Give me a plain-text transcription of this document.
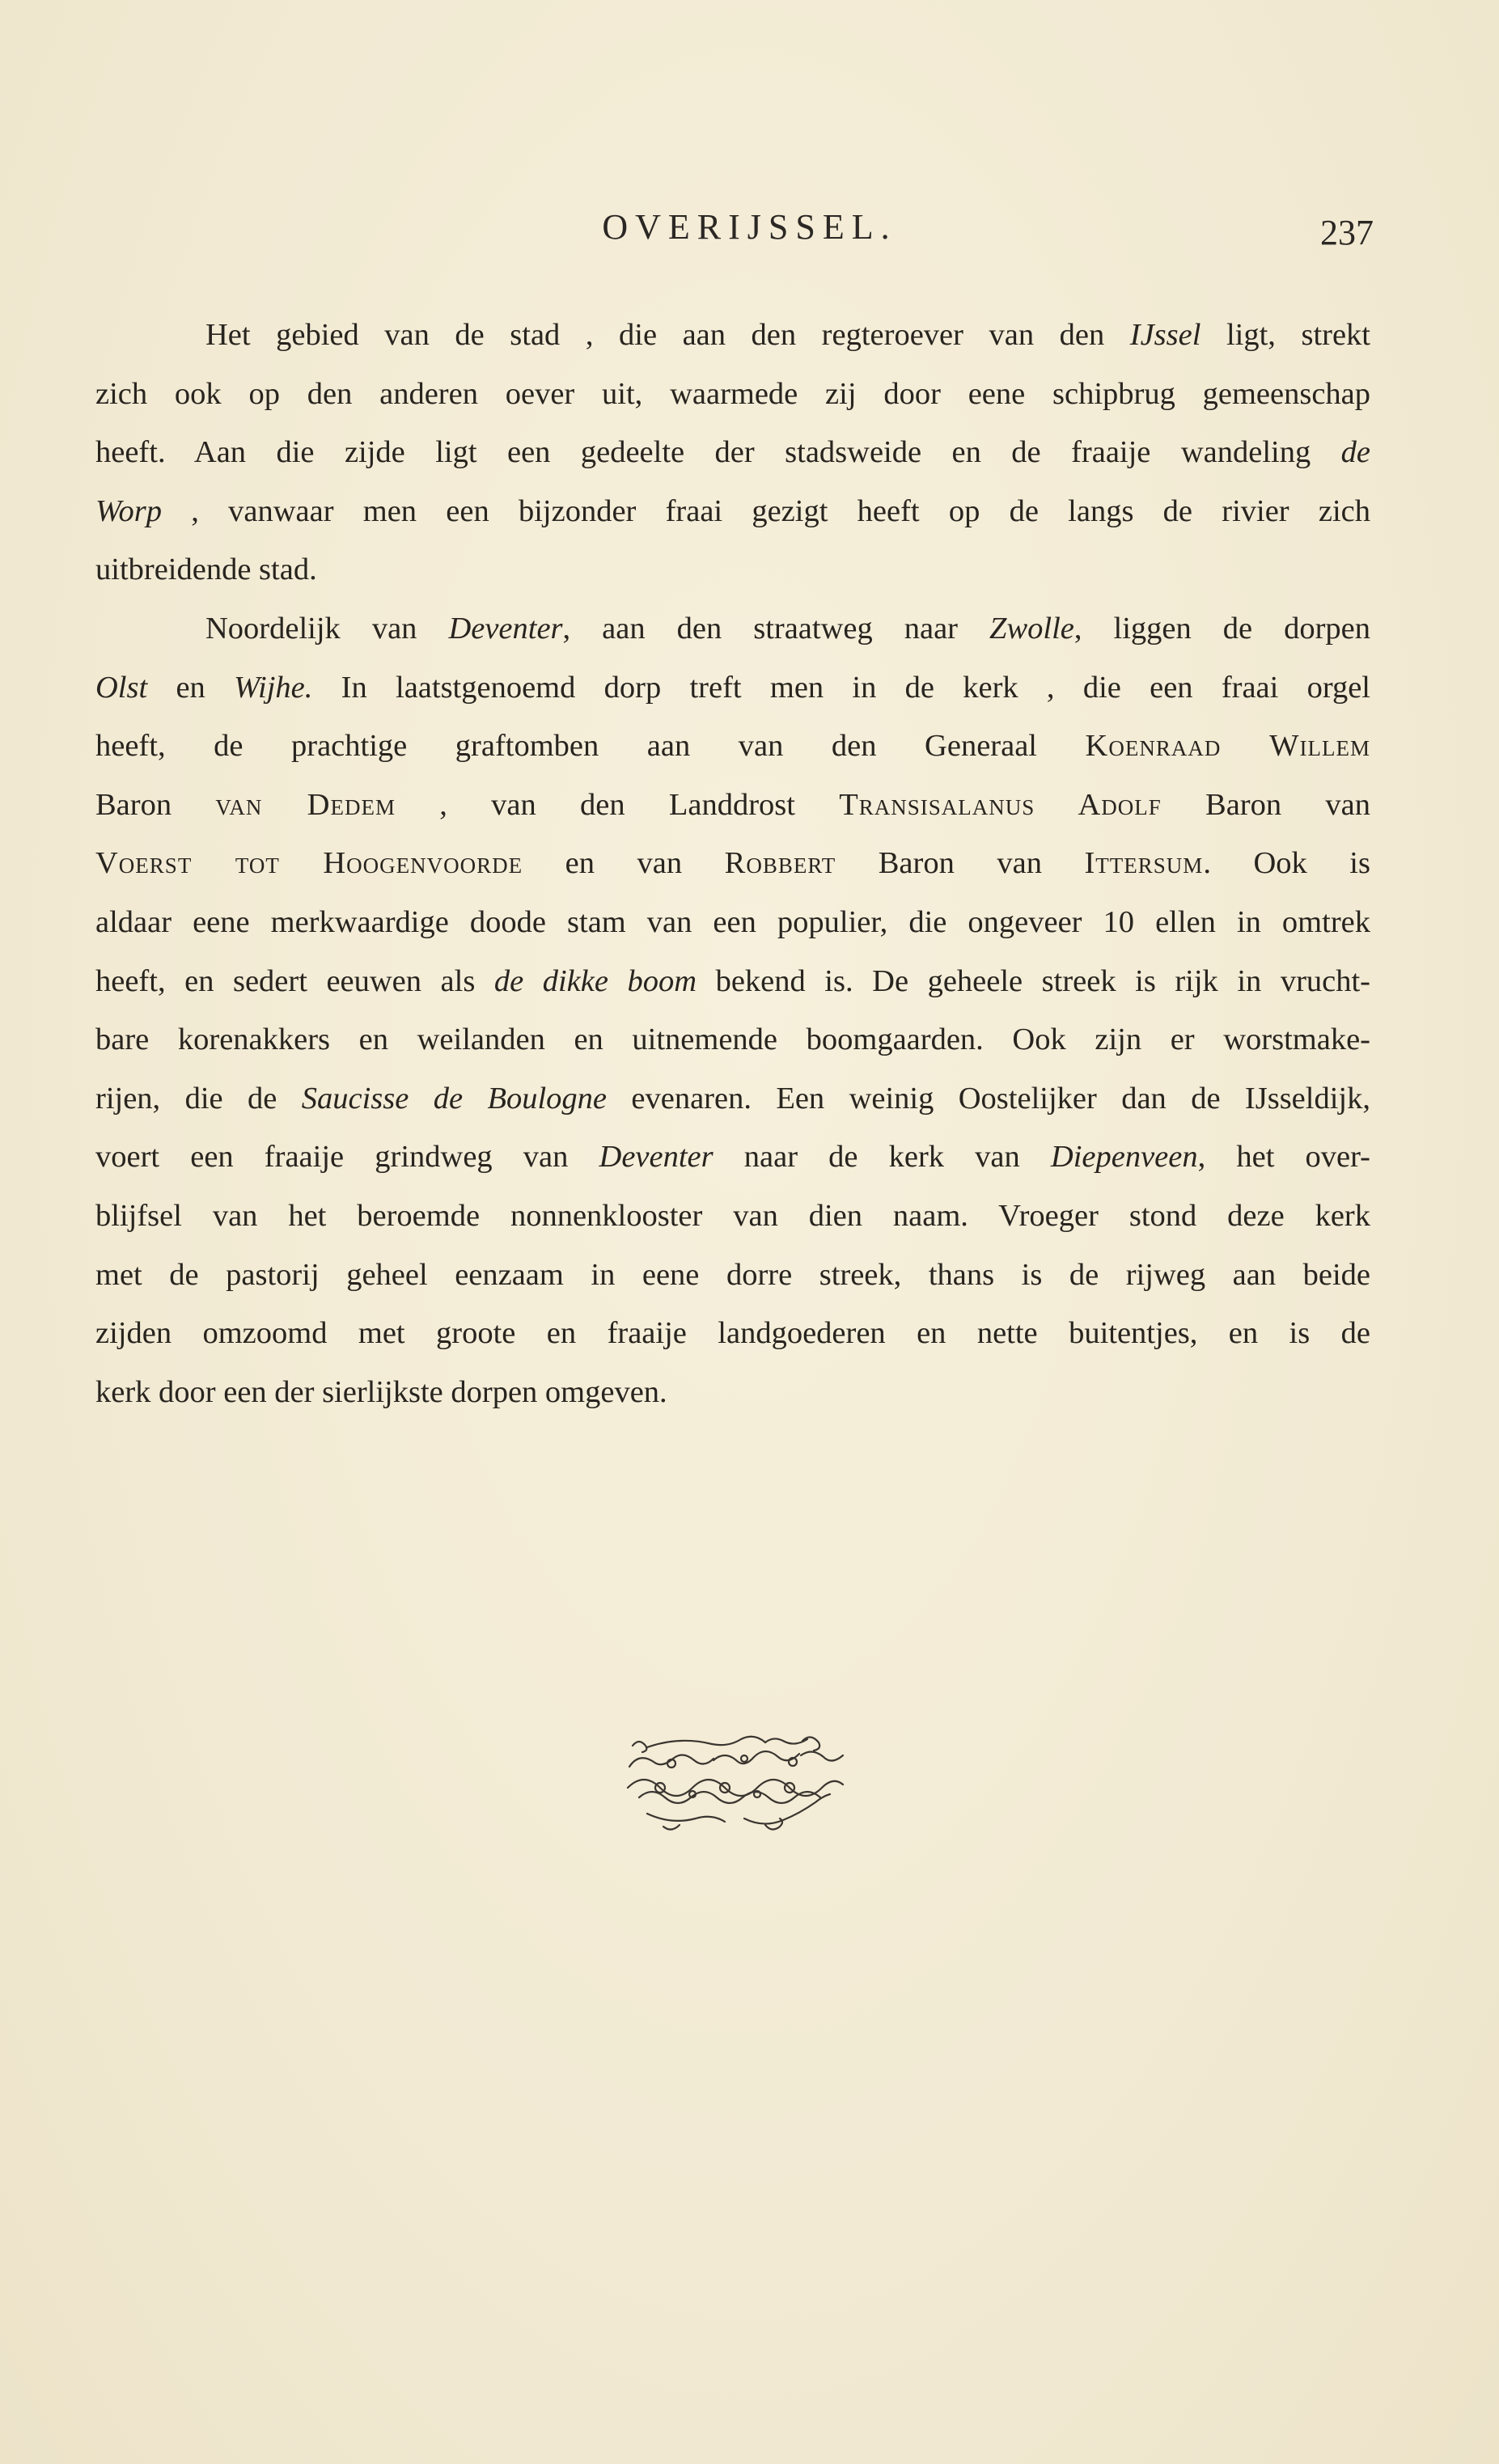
OVERIJSSEL.	237
Het gebied van de stad , die aan den regteroever van den IJssel ligt, strekt
zich ook op den anderen oever uit, waarmede zij door eene schipbrug gemeenschap
heeft. Aan die zijde ligt een gedeelte der stadsweide en de fraaije wandeling de
Worp , vanwaar men een bijzonder fraai gezigt heeft op de langs de rivier zich
uitbreidende stad.
Noordelijk van Deventer, aan den straatweg naar Zwolle, liggen de dorpen
Olst en Wijhe. In laatstgenoemd dorp treft men in de kerk , die een fraai orgel
heeft, de prachtige graftomben aan van den Generaal Koenraad Willem
Baron van Dedem , van den Landdrost Transisalanus Adolf Baron van
Voerst tot Hoogenvoorde en van Robbert Baron van Ittersum. Ook is
aldaar eene merkwaardige doode stam van een populier, die ongeveer 10 ellen in omtrek
heeft, en sedert eeuwen als de dikke boom bekend is. De geheele streek is rijk in vrucht-
bare korenakkers en weilanden en uitnemende boomgaarden. Ook zijn er worstmake-
rijen, die de Saucisse de Boulogne evenaren. Een weinig Oostelijker dan de IJsseldijk,
voert een fraaije grindweg van Deventer naar de kerk van Diepenveen, het over-
blijfsel van het beroemde nonnenklooster van dien naam. Vroeger stond deze kerk
met de pastorij geheel eenzaam in eene dorre streek, thans is de rijweg aan beide
zijden omzoomd met groote en fraaije landgoederen en nette buitentjes, en is de
kerk door een der sierlijkste dorpen omgeven.
